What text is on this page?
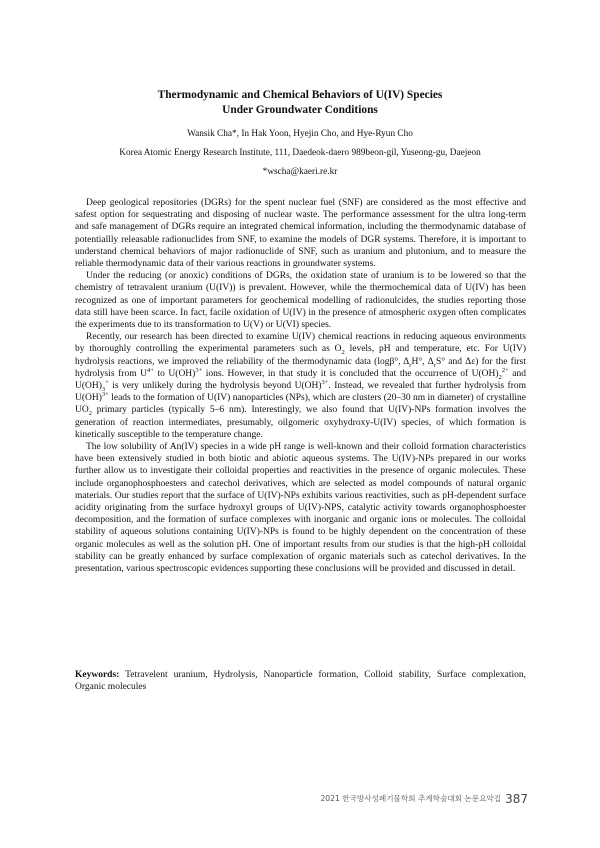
Thermodynamic and Chemical Behaviors of U(IV) Species
Under Groundwater Conditions

Wansik Cha*, In Hak Yoon, Hyejin Cho, and Hye-Ryun Cho

Korea Atomic Energy Research Institute, 111, Daedeok-daero 989beon-gil, Yuseong-gu, Daejeon

*wscha@kaeri.re.kr

Deep geological repositories (DGRs) for the spent nuclear fuel (SNF) are considered as the most effective and safest option for sequestrating and disposing of nuclear waste. The performance assessment for the ultra long-term and safe management of DGRs require an integrated chemical information, including the thermodynamic database of potentiallly releasable radionuclides from SNF, to examine the models of DGR systems. Therefore, it is important to understand chemical behaviors of major radionuclide of SNF, such as uranium and plutonium, and to measure the reliable thermodynamic data of their various reactions in groundwater systems.

Under the reducing (or anoxic) conditions of DGRs, the oxidation state of uranium is to be lowered so that the chemistry of tetravalent uranium (U(IV)) is prevalent. However, while the thermochemical data of U(IV) has been recognized as one of important parameters for geochemical modelling of radionulcides, the studies reporting those data still have been scarce. In fact, facile oxidation of U(IV) in the presence of atmospheric oxygen often complicates the experiments due to its transformation to U(V) or U(VI) species.

Recently, our research has been directed to examine U(IV) chemical reactions in reducing aqueous environments by thoroughly controlling the experimental parameters such as $O_2$ levels, pH and temperature, etc. For U(IV) hydrolysis reactions, we improved the reliability of the thermodynamic data (logβ°, $\Delta_rH^\circ$, $\Delta_rS^\circ$ and Δε) for the first hydrolysis from $U^{4+}$ to U(OH)$^{3+}$ ions. However, in that study it is concluded that the occurrence of $U(OH)_2^{2+}$ and $U(OH)_3^+$ is very unlikely during the hydrolysis beyond U(OH)$^{3+}$. Instead, we revealed that further hydrolysis from U(OH)$^{3+}$ leads to the formation of U(IV) nanoparticles (NPs), which are clusters (20–30 nm in diameter) of crystalline $UO_2$ primary particles (typically 5–6 nm). Interestingly, we also found that U(IV)-NPs formation involves the generation of reaction intermediates, presumably, oilgomeric oxyhydroxy-U(IV) species, of which formation is kinetically susceptible to the temperature change.

The low solubility of An(IV) species in a wide pH range is well-known and their colloid formation characteristics have been extensively studied in both biotic and abiotic aqueous systems. The U(IV)-NPs prepared in our works further allow us to investigate their colloidal properties and reactivities in the presence of organic molecules. These include organophosphoesters and catechol derivatives, which are selected as model compounds of natural organic materials. Our studies report that the surface of U(IV)-NPs exhibits various reactivities, such as pH-dependent surface acidity originating from the surface hydroxyl groups of U(IV)-NPS, catalytic activity towards organophosphoester decomposition, and the formation of surface complexes with inorganic and organic ions or molecules. The colloidal stability of aqueous solutions containing U(IV)-NPs is found to be highly dependent on the concentration of these organic molecules as well as the solution pH. One of important results from our studies is that the high-pH colloidal stability can be greatly enhanced by surface complexation of organic materials such as catechol derivatives. In the presentation, various spectroscopic evidences supporting these conclusions will be provided and discussed in detail.

Keywords: Tetravelent uranium, Hydrolysis, Nanoparticle formation, Colloid stability, Surface complexation, Organic molecules

2021 한국방사성폐기물학회 추계학술대회 논문요약집 387
